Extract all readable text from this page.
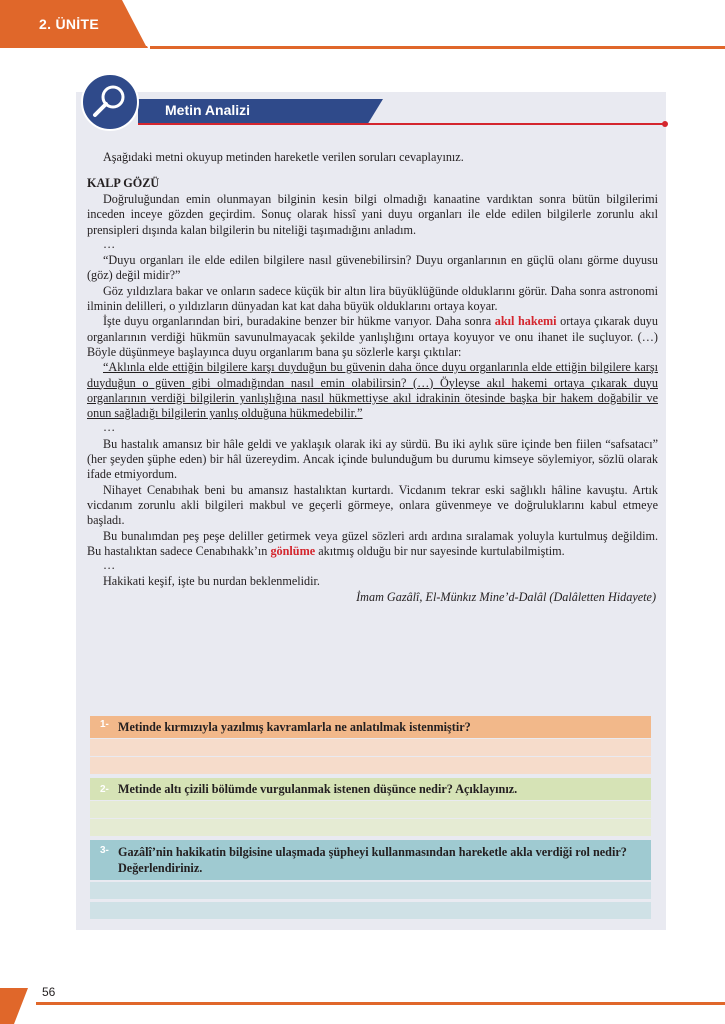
2. ÜNİTE
Metin Analizi
Aşağıdaki metni okuyup metinden hareketle verilen soruları cevaplayınız.
KALP GÖZÜ

Doğruluğundan emin olunmayan bilginin kesin bilgi olmadığı kanaatine vardıktan sonra bütün bilgilerimi inceden inceye gözden geçirdim. Sonuç olarak hissî yani duyu organları ile elde edilen bilgilerle zorunlu akıl prensipleri dışında kalan bilgilerin bu niteliği taşımadığını anladım.

…

“Duyu organları ile elde edilen bilgilere nasıl güvenebilirsin? Duyu organlarının en güçlü olanı görme duyusu (göz) değil midir?”

Göz yıldızlara bakar ve onların sadece küçük bir altın lira büyüklüğünde olduklarını görür. Daha sonra astronomi ilminin delilleri, o yıldızların dünyadan kat kat daha büyük olduklarını ortaya koyar.

İşte duyu organlarından biri, buradakine benzer bir hükme varıyor. Daha sonra akıl hakemi ortaya çıkarak duyu organlarının verdiği hükmün savunulmayacak şekilde yanlışlığını ortaya koyuyor ve onu ihanet ile suçluyor. (…) Böyle düşünmeye başlayınca duyu organlarım bana şu sözlerle karşı çıktılar:

“Aklınla elde ettiğin bilgilere karşı duyduğun bu güvenin daha önce duyu organlarınla elde ettiğin bilgilere karşı duyduğun o güven gibi olmadığından nasıl emin olabilirsin? (…) Öyleyse akıl hakemi ortaya çıkarak duyu organlarının verdiği bilgilerin yanlışlığına nasıl hükmettiyse akıl idrakinin ötesinde başka bir hakem doğabilir ve onun sağladığı bilgilerin yanlış olduğuna hükmedebilir.”

…

Bu hastalık amansız bir hâle geldi ve yaklaşık olarak iki ay sürdü. Bu iki aylık süre içinde ben fiilen “safsatacı” (her şeyden şüphe eden) bir hâl üzereydim. Ancak içinde bulunduğum bu durumu kimseye söylemiyor, sözlü olarak ifade etmiyordum.

Nihayet Cenabıhak beni bu amansız hastalıktan kurtardı. Vicdanım tekrar eski sağlıklı hâline kavuştu. Artık vicdanım zorunlu akli bilgileri makbul ve geçerli görmeye, onlara güvenmeye ve doğruluklarını kabul etmeye başladı.

Bu bunalımdan peş peşe deliller getirmek veya güzel sözleri ardı ardına sıralamak yoluyla kurtulmuş değildim. Bu hastalıktan sadece Cenabıhakk’ın gönlüme akıtmış olduğu bir nur sayesinde kurtulabilmiştim.

…

Hakikati keşif, işte bu nurdan beklenmelidir.

İmam Gazâlî, El-Münkız Mine’d-Dalâl (Dalâletten Hidayete)
1- Metinde kırmızıyla yazılmış kavramlarla ne anlatılmak istenmiştir?
2- Metinde altı çizili bölümde vurgulanmak istenen düşünce nedir? Açıklayınız.
3- Gazâlî’nin hakikatin bilgisine ulaşmada şüpheyi kullanmasından hareketle akla verdiği rol nedir? Değerlendiriniz.
56
